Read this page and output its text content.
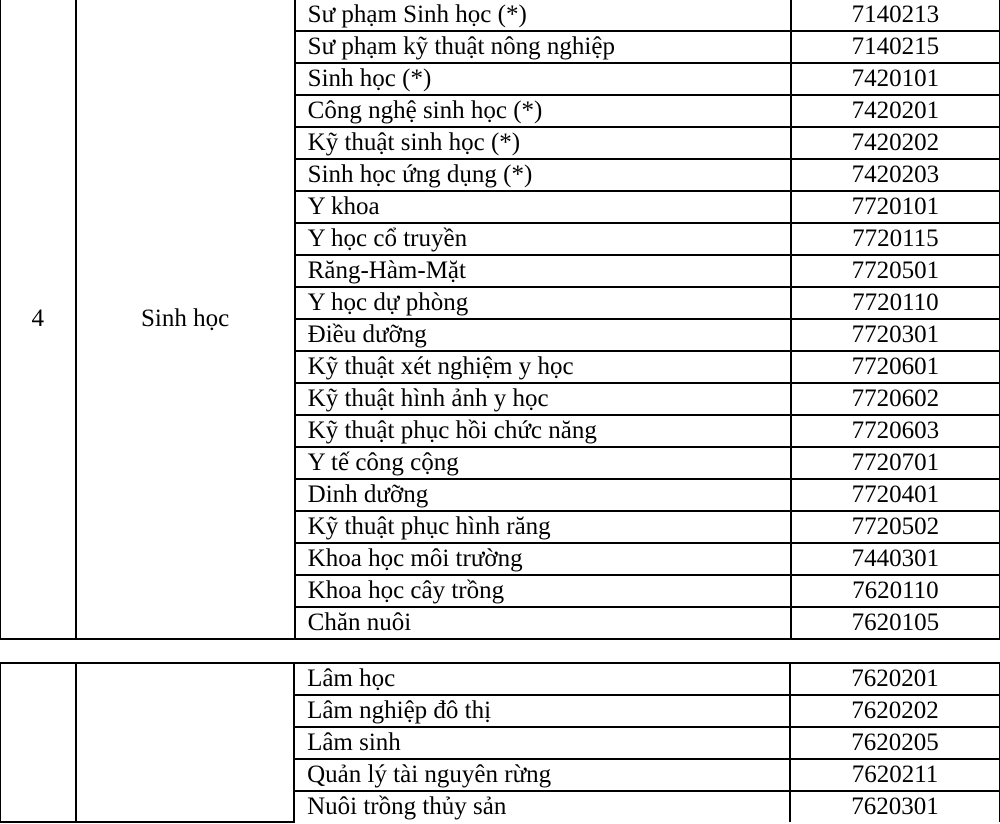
4	Sinh học	Sư phạm Sinh học (*)	7140213
		Sư phạm kỹ thuật nông nghiệp	7140215
		Sinh học (*)	7420101
		Công nghệ sinh học (*)	7420201
		Kỹ thuật sinh học (*)	7420202
		Sinh học ứng dụng (*)	7420203
		Y khoa	7720101
		Y học cổ truyền	7720115
		Răng-Hàm-Mặt	7720501
		Y học dự phòng	7720110
		Điều dưỡng	7720301
		Kỹ thuật xét nghiệm y học	7720601
		Kỹ thuật hình ảnh y học	7720602
		Kỹ thuật phục hồi chức năng	7720603
		Y tế công cộng	7720701
		Dinh dưỡng	7720401
		Kỹ thuật phục hình răng	7720502
		Khoa học môi trường	7440301
		Khoa học cây trồng	7620110
		Chăn nuôi	7620105
		Lâm học	7620201
		Lâm nghiệp đô thị	7620202
		Lâm sinh	7620205
		Quản lý tài nguyên rừng	7620211
		Nuôi trồng thủy sản	7620301
